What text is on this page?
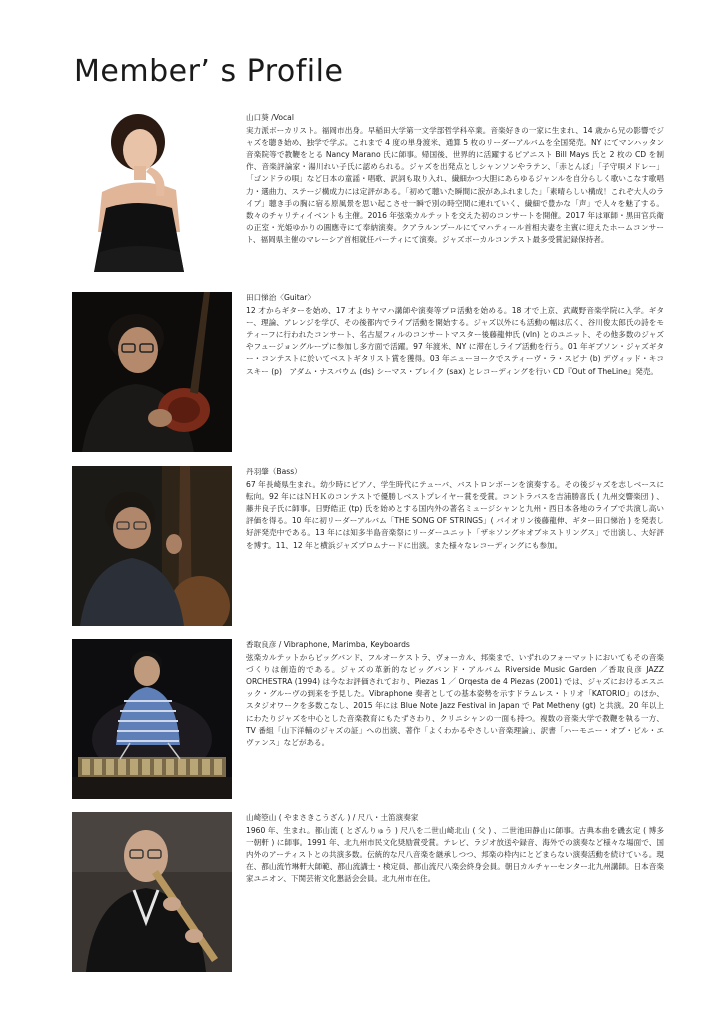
Member’ s Profile
山口葵 /Vocal
実力派ボーカリスト。福岡市出身。早稲田大学第一文学部哲学科卒業。音楽好きの一家に生まれ、14 歳から兄の影響でジャズを聴き始め、独学で学ぶ。これまで 4 度の単身渡米、通算 5 枚のリーダーアルバムを全国発売。NY にてマンハッタン音楽院等で教鞭をとる Nancy Marano 氏に師事。帰国後、世界的に活躍するピアニスト Bill Mays 氏と 2 枚の CD を制作、音楽評論家・湯川れい子氏に認められる。ジャズを出発点としシャンソンやラテン、「赤とんぼ」「子守唄メドレー」「ゴンドラの唄」など日本の童謡・唱歌、訳詞も取り入れ、繊細かつ大胆にあらゆるジャンルを自分らしく歌いこなす歌唱力・選曲力、ステージ構成力には定評がある。「初めて聴いた瞬間に涙があふれました」「素晴らしい構成！これぞ大人のライブ」聴き手の胸に宿る原風景を思い起こさせ一瞬で別の時空間に連れていく、繊細で豊かな「声」で人々を魅了する。数々のチャリティイベントも主催。2016 年弦楽カルテットを交えた初のコンサートを開催。2017 年は軍師・黒田官兵衛の正室・光姫ゆかりの圓應寺にて奉納演奏。クアラルンプールにてマハティール首相夫妻を主賓に迎えたホームコンサート、福岡県主催のマレーシア首相就任パーティにて演奏。ジャズボーカルコンテスト最多受賞記録保持者。
田口悌治〈Guitar〉
12 才からギターを始め、17 才よりヤマハ講師や演奏等プロ活動を始める。18 才で上京、武蔵野音楽学院に入学。ギター、理論、アレンジを学び、その後都内でライブ活動を開始する。ジャズ以外にも活動の幅は広く、谷川俊太郎氏の詩をモティーフに行われたコンサート、名古屋フィルのコンサートマスター後藤龍伸氏 (vln) とのユニット、その他多数のジャズやフュージョングループに参加し多方面で活躍。97 年渡米、NY に滞在しライブ活動を行う。01 年ギブソン・ジャズギター・コンテストに於いてベストギタリスト賞を獲得。03 年ニューヨークでスティーヴ・ラ・スピナ (b) デヴィッド・キコスキー (p)　アダム・ナスバウム (ds) シーマス・ブレイク (sax) とレコーディングを行い CD『Out of TheLine』発売。
丹羽肇（Bass）
67 年長崎県生まれ。幼少時にピアノ、学生時代にテューバ、バストロンボーンを演奏する。その後ジャズを志しベースに転向。92 年にはＮＨＫのコンテストで優勝しベストプレイヤー賞を受賞。コントラバスを吉浦勝喜氏 ( 九州交響楽団 ) 、藤井良子氏に師事。日野皓正 (tp) 氏を始めとする国内外の著名ミュージシャンと九州・西日本各地のライブで共演し高い評価を得る。10 年に初リーダーアルバム「THE SONG OF STRINGS」( バイオリン後藤龍伸、ギター田口悌治 ) を発表し好評発売中である。13 年には知多半島音楽祭にリーダーユニット「ザ＊ソング＊オブ＊ストリングス」で出演し、大好評を博す。11、12 年と横浜ジャズプロムナードに出演。また様々なレコーディングにも参加。
香取良彦 / Vibraphone, Marimba, Keyboards
弦楽カルテットからビッグバンド、フルオーケストラ、ヴォーカル、邦楽まで、いずれのフォーマットにおいてもその音楽づくりは創造的である。ジャズの革新的なビッグバンド・アルバム Riverside Music Garden ／香取良彦 JAZZ ORCHESTRA (1994) は今なお評価されており、Piezas 1 ／ Orqesta de 4 Piezas (2001) では、ジャズにおけるエスニック・グルーヴの到来を予見した。Vibraphone 奏者としての基本姿勢を示すドラムレス・トリオ「KATORIO」のほか、スタジオワークを多数こなし、2015 年には Blue Note Jazz Festival in Japan で Pat Metheny (gt) と共演。20 年以上にわたりジャズを中心とした音楽教育にもたずさわり、クリニシャンの一面も持つ。複数の音楽大学で教鞭を執る一方、TV 番組「山下洋輔のジャズの証」への出演、著作「よくわかるやさしい音楽理論」、訳書「ハーモニー・オブ・ビル・エヴァンス」などがある。
山崎箜山 ( やまさきこうざん ) / 尺八・土笛演奏家
1960 年、生まれ。都山流 ( とざんりゅう ) 尺八を二世山崎北山 ( 父 ) 、二世池田静山に師事。古典本曲を磯玄定 ( 博多一朝軒 ) に師事。1991 年、北九州市民文化奨励賞受賞。テレビ、ラジオ放送や録音、海外での演奏など様々な場面で、国内外のアーティストとの共演多数。伝統的な尺八音楽を継承しつつ、邦楽の枠内にとどまらない演奏活動を続けている。現在、都山流竹琳軒大師範、都山流講士・検定員、都山流尺八楽会終身会員。朝日カルチャーセンター北九州講師。日本音楽家ユニオン、下関芸術文化懇話会会員。北九州市在住。
